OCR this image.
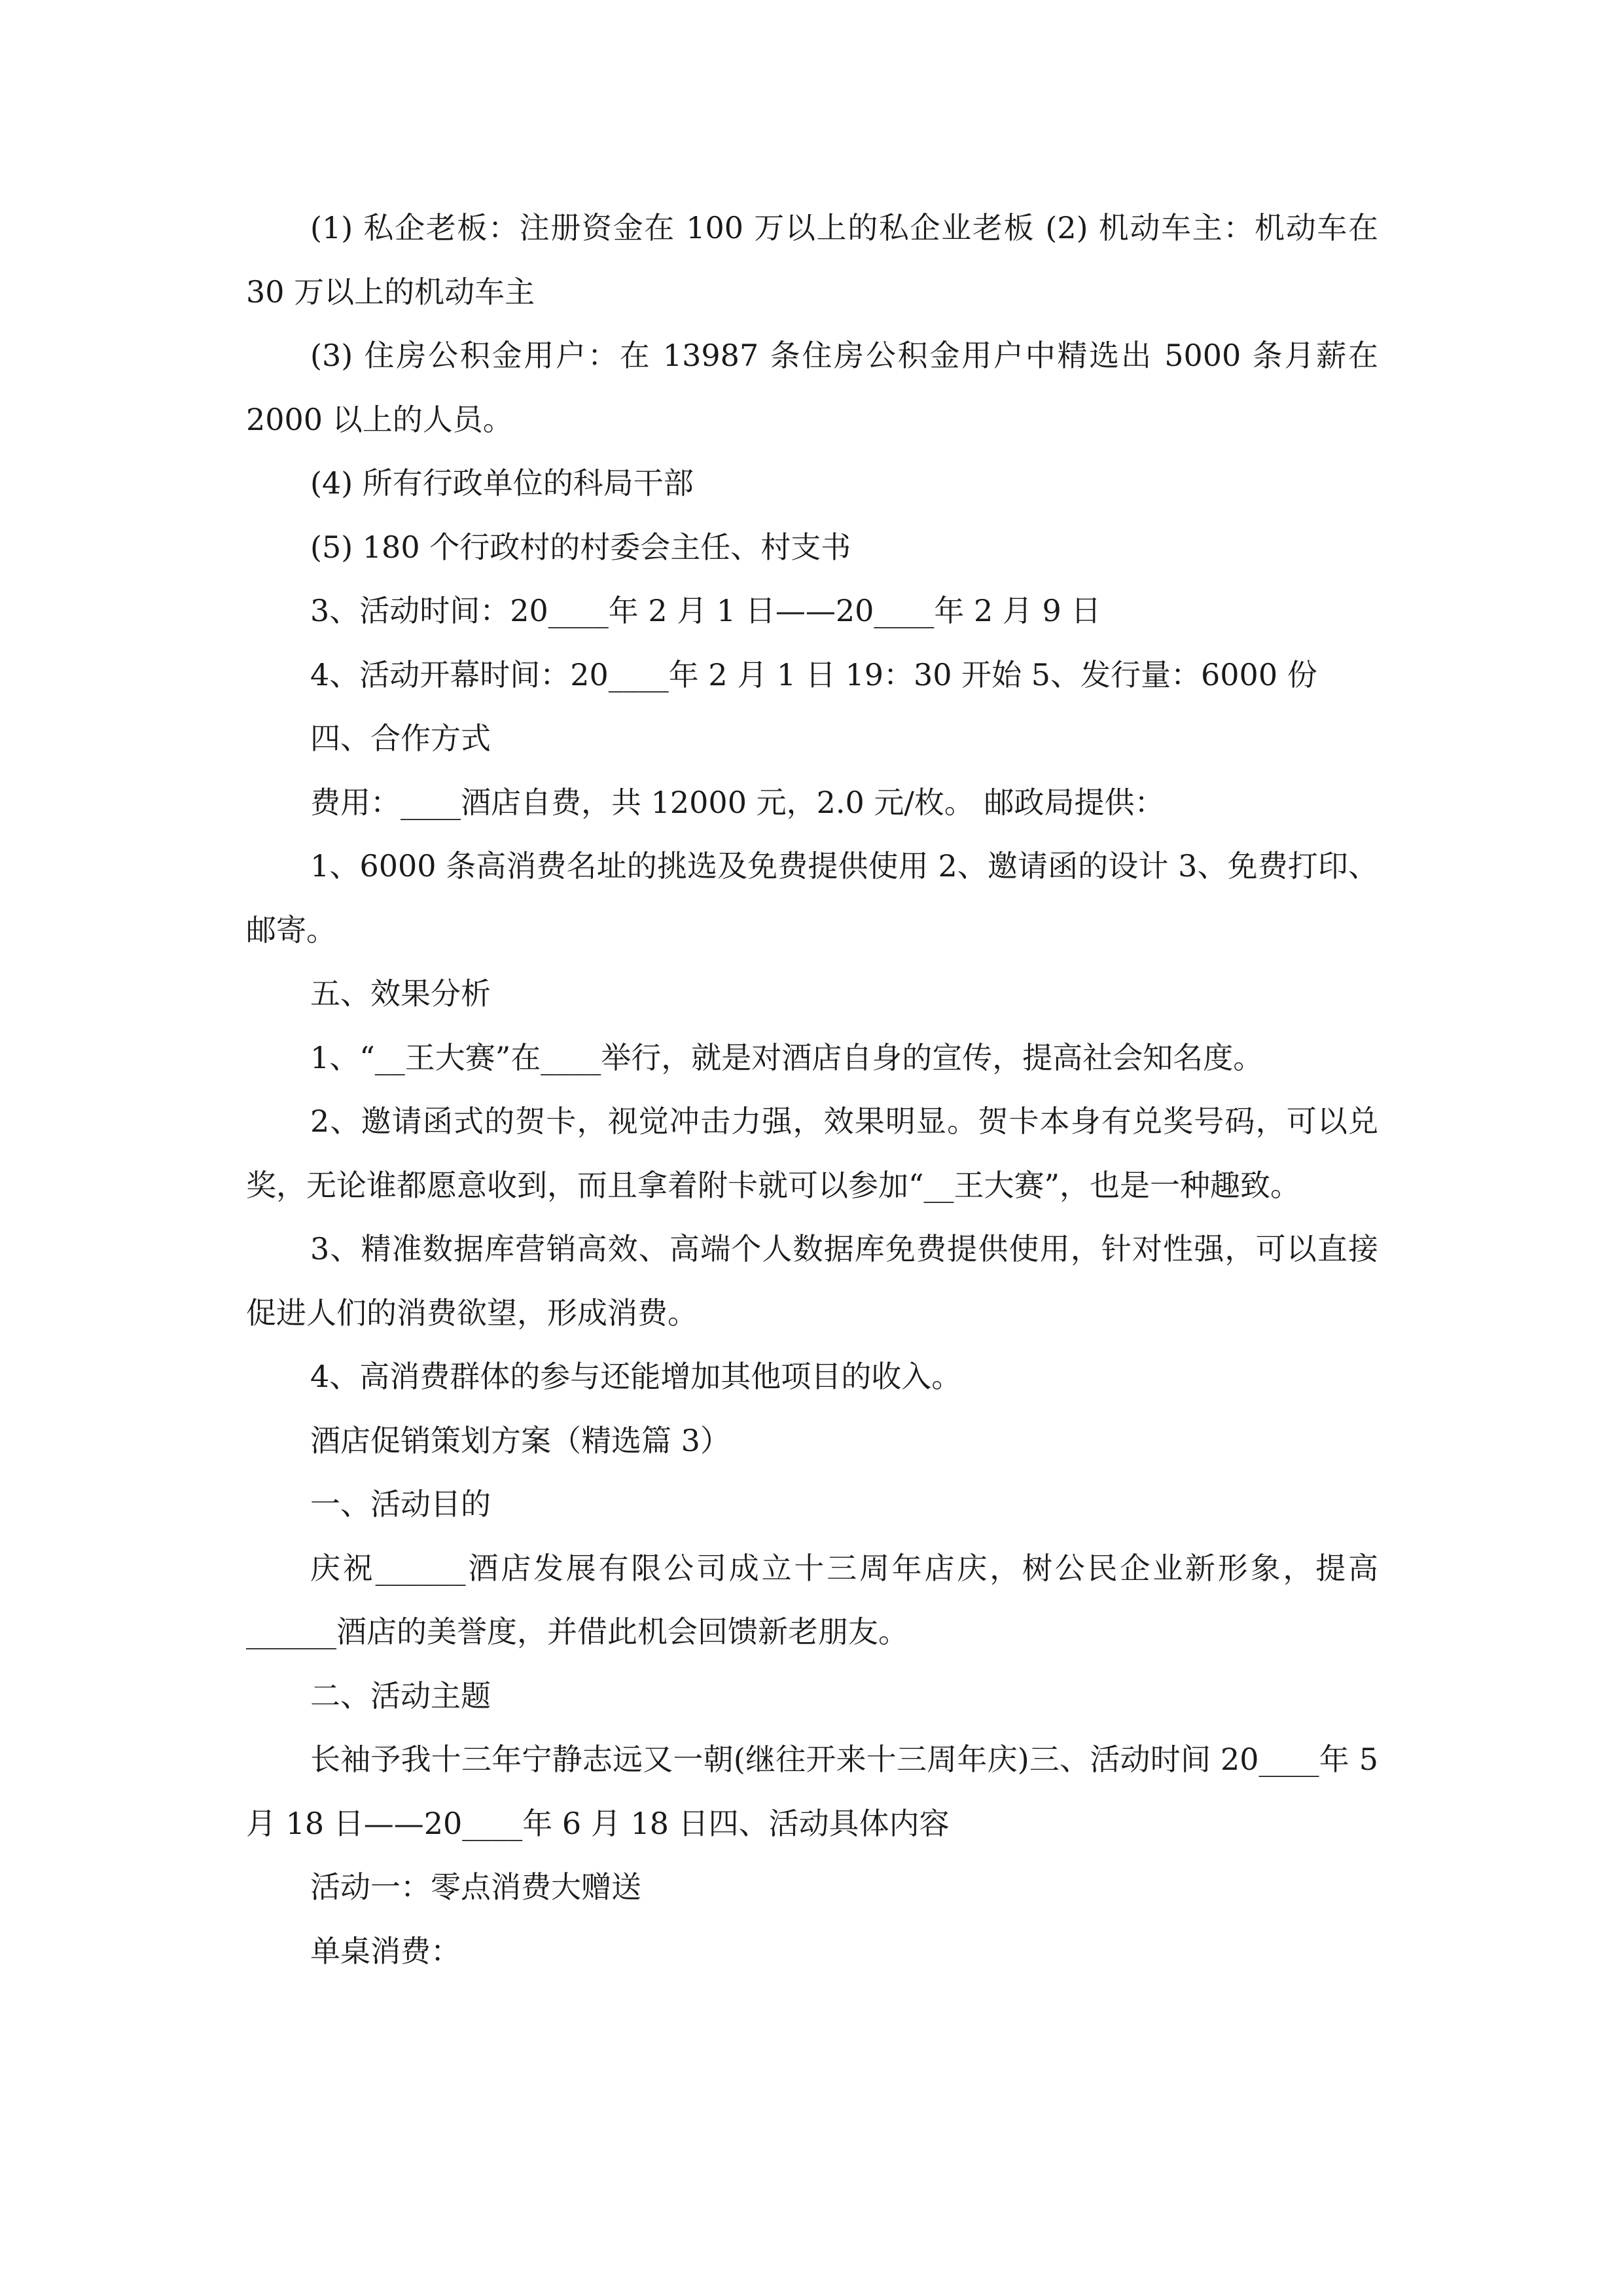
(1) 私企老板：注册资金在 100 万以上的私企业老板 (2) 机动车主：机动车在 30 万以上的机动车主

(3) 住房公积金用户：在 13987 条住房公积金用户中精选出 5000 条月薪在 2000 以上的人员。

(4) 所有行政单位的科局干部

(5) 180 个行政村的村委会主任、村支书

3、活动时间：20____年 2 月 1 日——20____年 2 月 9 日

4、活动开幕时间：20____年 2 月 1 日 19：30 开始 5、发行量：6000 份

四、合作方式

费用：____酒店自费，共 12000 元，2.0 元/枚。 邮政局提供：

1、6000 条高消费名址的挑选及免费提供使用 2、邀请函的设计 3、免费打印、邮寄。

五、效果分析

1、“__王大赛”在____举行，就是对酒店自身的宣传，提高社会知名度。

2、邀请函式的贺卡，视觉冲击力强，效果明显。贺卡本身有兑奖号码，可以兑奖，无论谁都愿意收到，而且拿着附卡就可以参加“__王大赛”，也是一种趣致。

3、精准数据库营销高效、高端个人数据库免费提供使用，针对性强，可以直接促进人们的消费欲望，形成消费。

4、高消费群体的参与还能增加其他项目的收入。

酒店促销策划方案（精选篇 3）

一、活动目的

庆祝______酒店发展有限公司成立十三周年店庆，树公民企业新形象，提高______酒店的美誉度，并借此机会回馈新老朋友。

二、活动主题

长袖予我十三年宁静志远又一朝(继往开来十三周年庆)三、活动时间 20____年 5 月 18 日——20____年 6 月 18 日四、活动具体内容

活动一：零点消费大赠送

单桌消费：
